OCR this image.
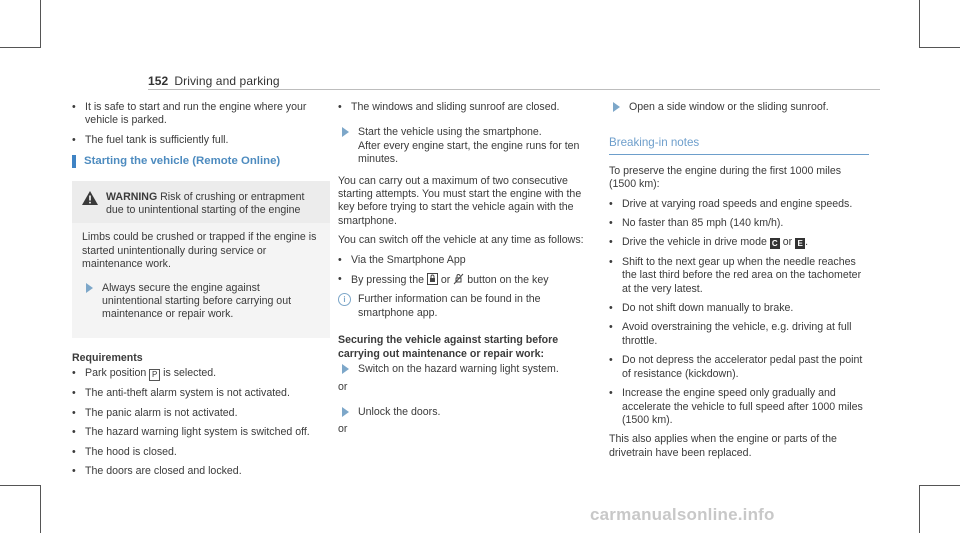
152 Driving and parking
• It is safe to start and run the engine where your vehicle is parked.
• The fuel tank is sufficiently full.
Starting the vehicle (Remote Online)
WARNING Risk of crushing or entrapment due to unintentional starting of the engine

Limbs could be crushed or trapped if the engine is started unintentionally during service or maintenance work.

Always secure the engine against unintentional starting before carrying out maintenance or repair work.
Requirements
• Park position P is selected.
• The anti-theft alarm system is not activated.
• The panic alarm is not activated.
• The hazard warning light system is switched off.
• The hood is closed.
• The doors are closed and locked.
• The windows and sliding sunroof are closed.
Start the vehicle using the smartphone.
After every engine start, the engine runs for ten minutes.

You can carry out a maximum of two consecutive starting attempts. You must start the engine with the key before trying to start the vehicle again with the smartphone.

You can switch off the vehicle at any time as follows:

• Via the Smartphone App
• By pressing the  or  button on the key
i	Further information can be found in the smartphone app.
Securing the vehicle against starting before carrying out maintenance or repair work:
Switch on the hazard warning light system.

or

Unlock the doors.

or

Open a side window or the sliding sunroof.
Breaking-in notes

To preserve the engine during the first 1000 miles (1500 km):

• Drive at varying road speeds and engine speeds.
• No faster than 85 mph (140 km/h).
• Drive the vehicle in drive mode C or E .
• Shift to the next gear up when the needle reaches the last third before the red area on the tachometer at the very latest.
• Do not shift down manually to brake.
• Avoid overstraining the vehicle, e.g. driving at full throttle.
• Do not depress the accelerator pedal past the point of resistance (kickdown).
• Increase the engine speed only gradually and accelerate the vehicle to full speed after 1000 miles (1500 km).

This also applies when the engine or parts of the drivetrain have been replaced.

carmanualsonline.info
